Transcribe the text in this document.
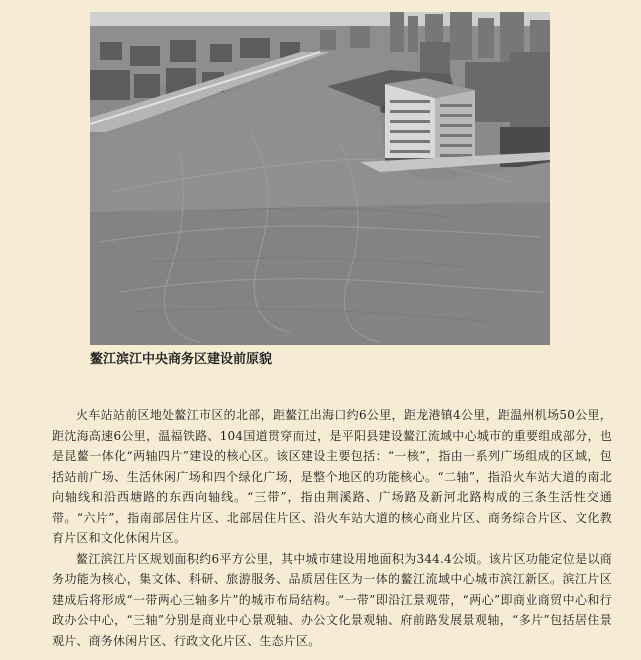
鳌江滨江中央商务区建设前原貌

火车站站前区地处鳌江市区的北部，距鳌江出海口约6公里，距龙港镇4公里，距温州机场50公里，距沈海高速6公里，温福铁路、104国道贯穿而过，是平阳县建设鳌江流域中心城市的重要组成部分，也是昆鳌一体化“两轴四片”建设的核心区。该区建设主要包括：“一核”，指由一系列广场组成的区域，包括站前广场、生活休闲广场和四个绿化广场，是整个地区的功能核心。“二轴”，指沿火车站大道的南北向轴线和沿西塘路的东西向轴线。“三带”，指由荆溪路、广场路及新河北路构成的三条生活性交通带。“六片”，指南部居住片区、北部居住片区、沿火车站大道的核心商业片区、商务综合片区、文化教育片区和文化休闲片区。

鳌江滨江片区规划面积约6平方公里，其中城市建设用地面积为344.4公顷。该片区功能定位是以商务功能为核心，集文体、科研、旅游服务、品质居住区为一体的鳌江流域中心城市滨江新区。滨江片区建成后将形成“一带两心三轴多片”的城市布局结构。“一带”即沿江景观带，“两心”即商业商贸中心和行政办公中心，“三轴”分别是商业中心景观轴、办公文化景观轴、府前路发展景观轴，“多片”包括居住景观片、商务休闲片区、行政文化片区、生态片区。
